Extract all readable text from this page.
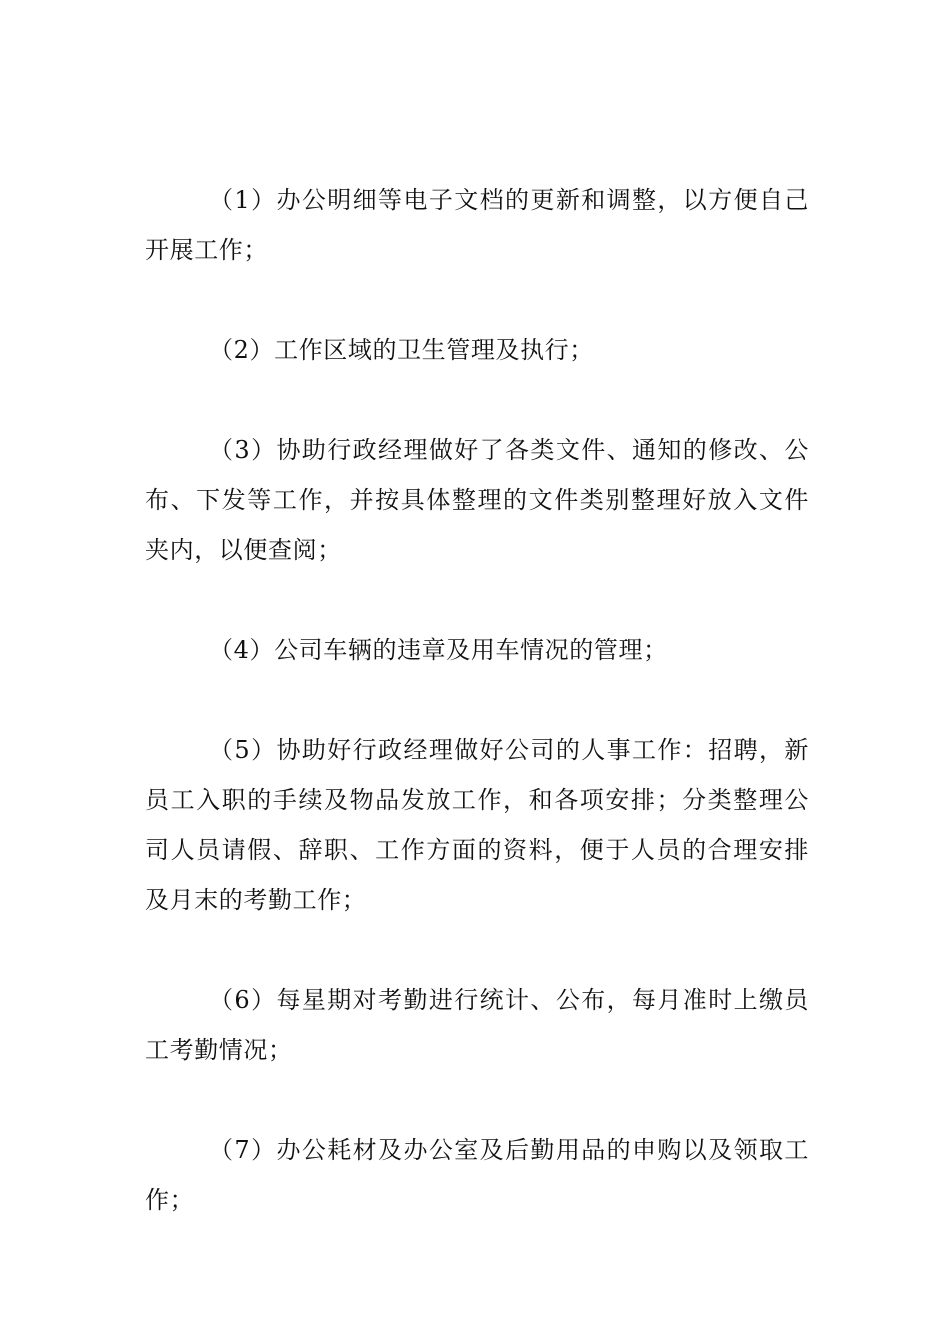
（1）办公明细等电子文档的更新和调整，以方便自己开展工作；

（2）工作区域的卫生管理及执行；

（3）协助行政经理做好了各类文件、通知的修改、公布、下发等工作，并按具体整理的文件类别整理好放入文件夹内，以便查阅；

（4）公司车辆的违章及用车情况的管理；

（5）协助好行政经理做好公司的人事工作：招聘，新员工入职的手续及物品发放工作，和各项安排；分类整理公司人员请假、辞职、工作方面的资料，便于人员的合理安排及月末的考勤工作；

（6）每星期对考勤进行统计、公布，每月准时上缴员工考勤情况；

（7）办公耗材及办公室及后勤用品的申购以及领取工作；
